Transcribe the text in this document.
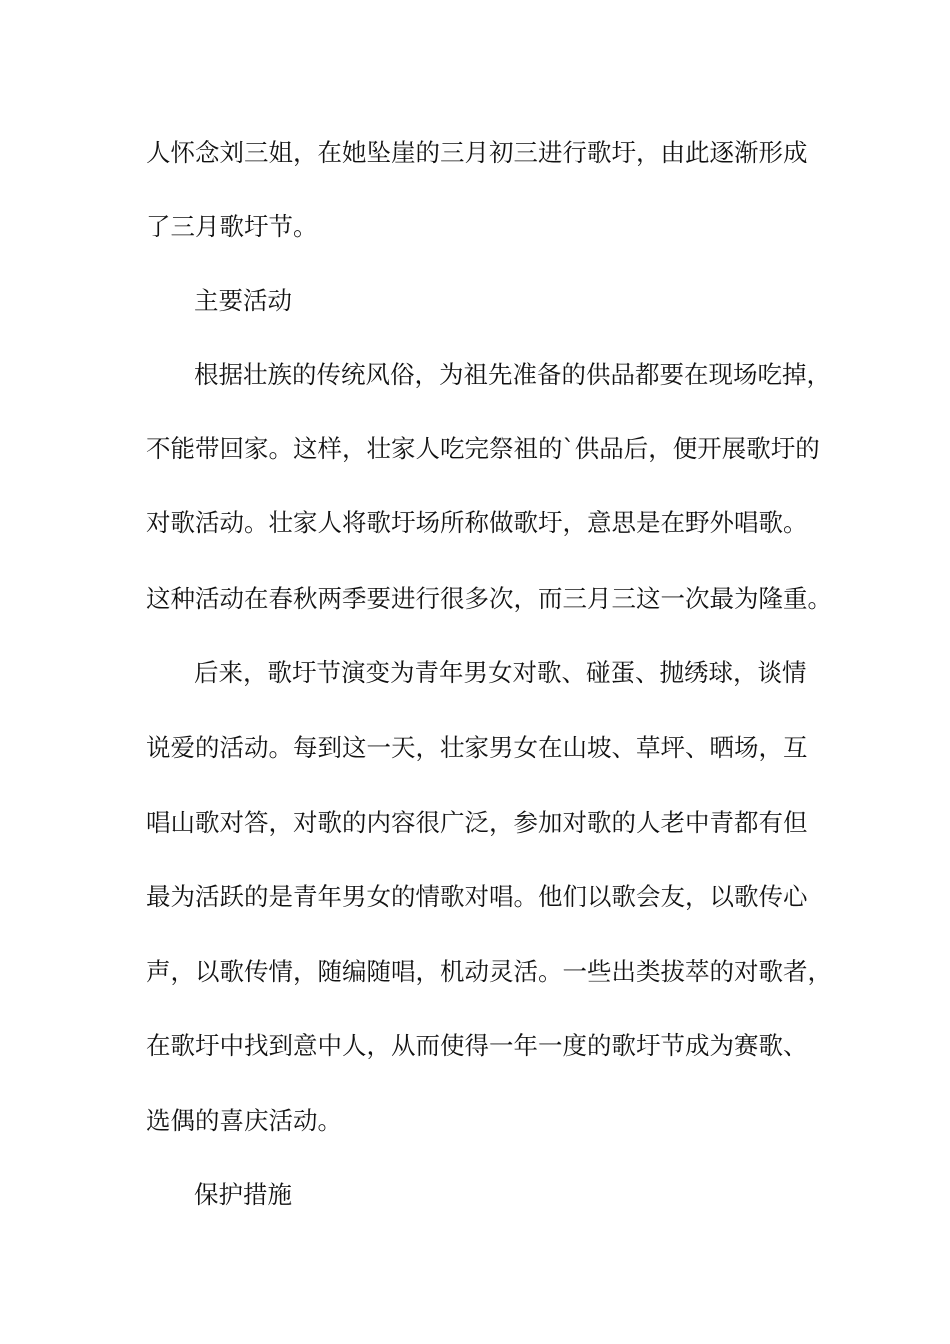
人怀念刘三姐，在她坠崖的三月初三进行歌圩，由此逐渐形成
了三月歌圩节。
主要活动
根据壮族的传统风俗，为祖先准备的供品都要在现场吃掉，
不能带回家。这样，壮家人吃完祭祖的`供品后，便开展歌圩的
对歌活动。壮家人将歌圩场所称做歌圩，意思是在野外唱歌。
这种活动在春秋两季要进行很多次，而三月三这一次最为隆重。
后来，歌圩节演变为青年男女对歌、碰蛋、抛绣球，谈情
说爱的活动。每到这一天，壮家男女在山坡、草坪、晒场，互
唱山歌对答，对歌的内容很广泛，参加对歌的人老中青都有但
最为活跃的是青年男女的情歌对唱。他们以歌会友，以歌传心
声，以歌传情，随编随唱，机动灵活。一些出类拔萃的对歌者，
在歌圩中找到意中人，从而使得一年一度的歌圩节成为赛歌、
选偶的喜庆活动。
保护措施
